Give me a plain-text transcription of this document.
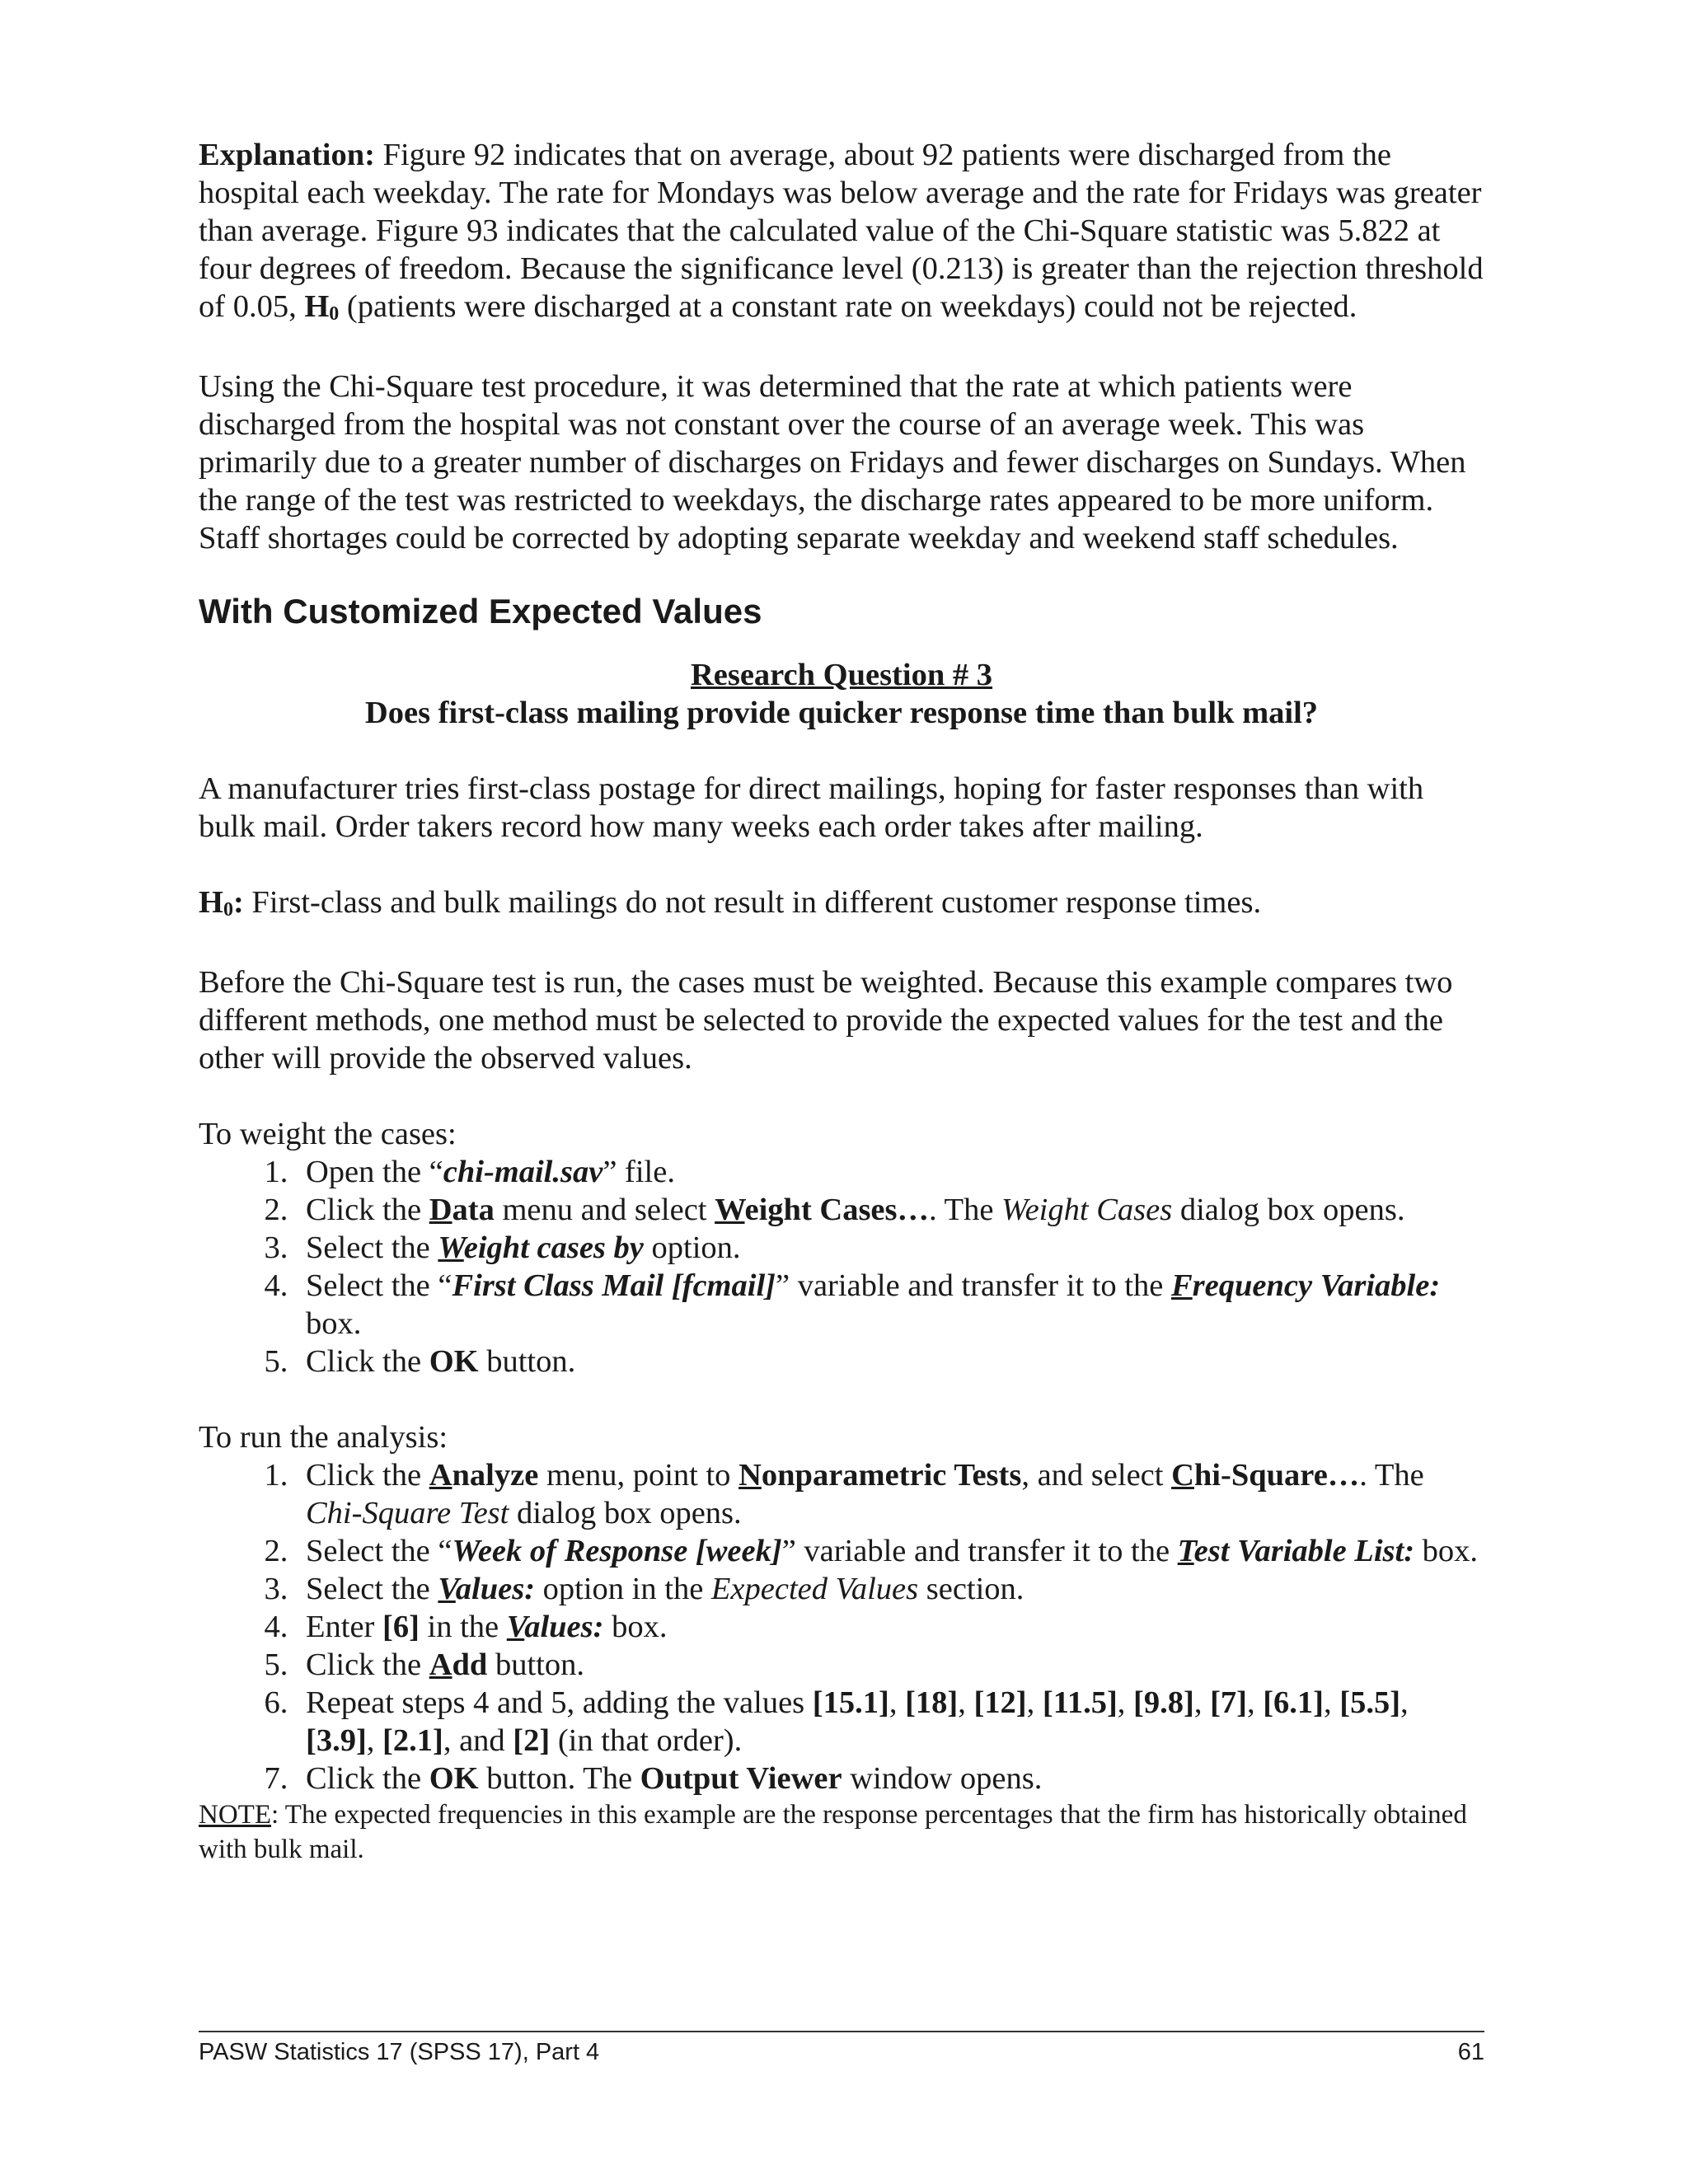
Explanation: Figure 92 indicates that on average, about 92 patients were discharged from the hospital each weekday. The rate for Mondays was below average and the rate for Fridays was greater than average. Figure 93 indicates that the calculated value of the Chi-Square statistic was 5.822 at four degrees of freedom. Because the significance level (0.213) is greater than the rejection threshold of 0.05, $H_0$ (patients were discharged at a constant rate on weekdays) could not be rejected.

Using the Chi-Square test procedure, it was determined that the rate at which patients were discharged from the hospital was not constant over the course of an average week. This was primarily due to a greater number of discharges on Fridays and fewer discharges on Sundays. When the range of the test was restricted to weekdays, the discharge rates appeared to be more uniform. Staff shortages could be corrected by adopting separate weekday and weekend staff schedules.

With Customized Expected Values

Research Question # 3

Does first-class mailing provide quicker response time than bulk mail?

A manufacturer tries first-class postage for direct mailings, hoping for faster responses than with bulk mail. Order takers record how many weeks each order takes after mailing.

$H_0$: First-class and bulk mailings do not result in different customer response times.

Before the Chi-Square test is run, the cases must be weighted. Because this example compares two different methods, one method must be selected to provide the expected values for the test and the other will provide the observed values.

To weight the cases:

1. Open the “chi-mail.sav” file.
2. Click the Data menu and select Weight Cases…. The Weight Cases dialog box opens.
3. Select the Weight cases by option.
4. Select the “First Class Mail [fcmail]” variable and transfer it to the Frequency Variable: box.
5. Click the OK button.

To run the analysis:

1. Click the Analyze menu, point to Nonparametric Tests, and select Chi-Square…. The Chi-Square Test dialog box opens.
2. Select the “Week of Response [week]” variable and transfer it to the Test Variable List: box.
3. Select the Values: option in the Expected Values section.
4. Enter [6] in the Values: box.
5. Click the Add button.
6. Repeat steps 4 and 5, adding the values [15.1], [18], [12], [11.5], [9.8], [7], [6.1], [5.5], [3.9], [2.1], and [2] (in that order).
7. Click the OK button. The Output Viewer window opens.

NOTE: The expected frequencies in this example are the response percentages that the firm has historically obtained with bulk mail.

PASW Statistics 17 (SPSS 17), Part 4	61
